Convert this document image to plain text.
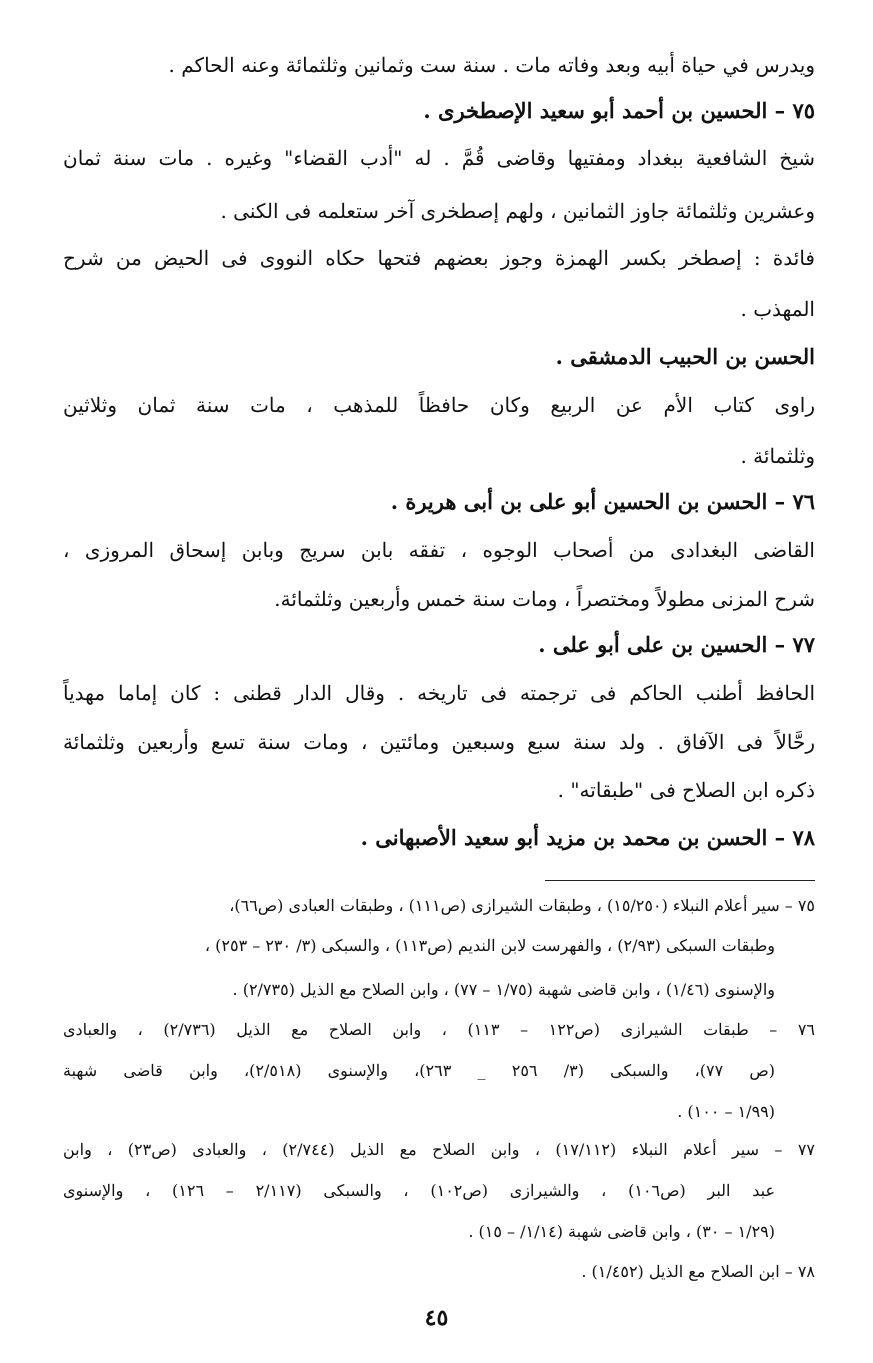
ويدرس في حياة أبيه وبعد وفاته مات . سنة ست وثمانين وثلثمائة وعنه الحاكم .
٧٥ – الحسين بن أحمد أبو سعيد الإصطخرى .
شيخ الشافعية ببغداد ومفتيها وقاضى قُمَّ . له "أدب القضاء" وغيره . مات سنة ثمان
وعشرين وثلثمائة جاوز الثمانين ، ولهم إصطخرى آخر ستعلمه فى الكنى .
فائدة : إصطخر بكسر الهمزة وجوز بعضهم فتحها حكاه النووى فى الحيض من شرح
المهذب .
الحسن بن الحبيب الدمشقى .
راوى كتاب الأم عن الربيع وكان حافظاً للمذهب ، مات سنة ثمان وثلاثين
وثلثمائة .
٧٦ – الحسن بن الحسين أبو على بن أبى هريرة .
القاضى البغدادى من أصحاب الوجوه ، تفقه بابن سريج وبابن إسحاق المروزى ،
شرح المزنى مطولاً ومختصراً ، ومات سنة خمس وأربعين وثلثمائة.
٧٧ – الحسين بن على أبو على .
الحافظ أطنب الحاكم فى ترجمته فى تاريخه . وقال الدار قطنى : كان إماما مهدياً
رحَّالاً فى الآفاق . ولد سنة سبع وسبعين ومائتين ، ومات سنة تسع وأربعين وثلثمائة
ذكره ابن الصلاح فى "طبقاته" .
٧٨ – الحسن بن محمد بن مزيد أبو سعيد الأصبهانى .
٧٥ – سير أعلام النبلاء (١٥/٢٥٠) ، وطبقات الشيرازى (ص١١١) ، وطبقات العبادى (ص٦٦)،
وطبقات السبكى (٢/٩٣) ، والفهرست لابن النديم (ص١١٣) ، والسبكى (٣/ ٢٣٠ – ٢٥٣) ،
والإسنوى (١/٤٦) ، وابن قاضى شهبة (١/٧٥ – ٧٧) ، وابن الصلاح مع الذيل (٢/٧٣٥) .
٧٦ – طبقات الشيرازى (ص١٢٢ – ١١٣) ، وابن الصلاح مع الذيل (٢/٧٣٦) ، والعبادى
(ص ٧٧)، والسبكى (٣/ ٢٥٦ _ ٢٦٣)، والإسنوى (٢/٥١٨)، وابن قاضى شهبة
(١/٩٩ – ١٠٠) .
٧٧ – سير أعلام النبلاء (١٧/١١٢) ، وابن الصلاح مع الذيل (٢/٧٤٤) ، والعبادى (ص٢٣) ، وابن
عبد البر (ص١٠٦) ، والشيرازى (ص١٠٢) ، والسبكى (٢/١١٧ – ١٢٦) ، والإسنوى
(١/٢٩ – ٣٠) ، وابن قاضى شهبة (١/١٤/ – ١٥) .
٧٨ – ابن الصلاح مع الذيل (١/٤٥٢) .
٤٥
